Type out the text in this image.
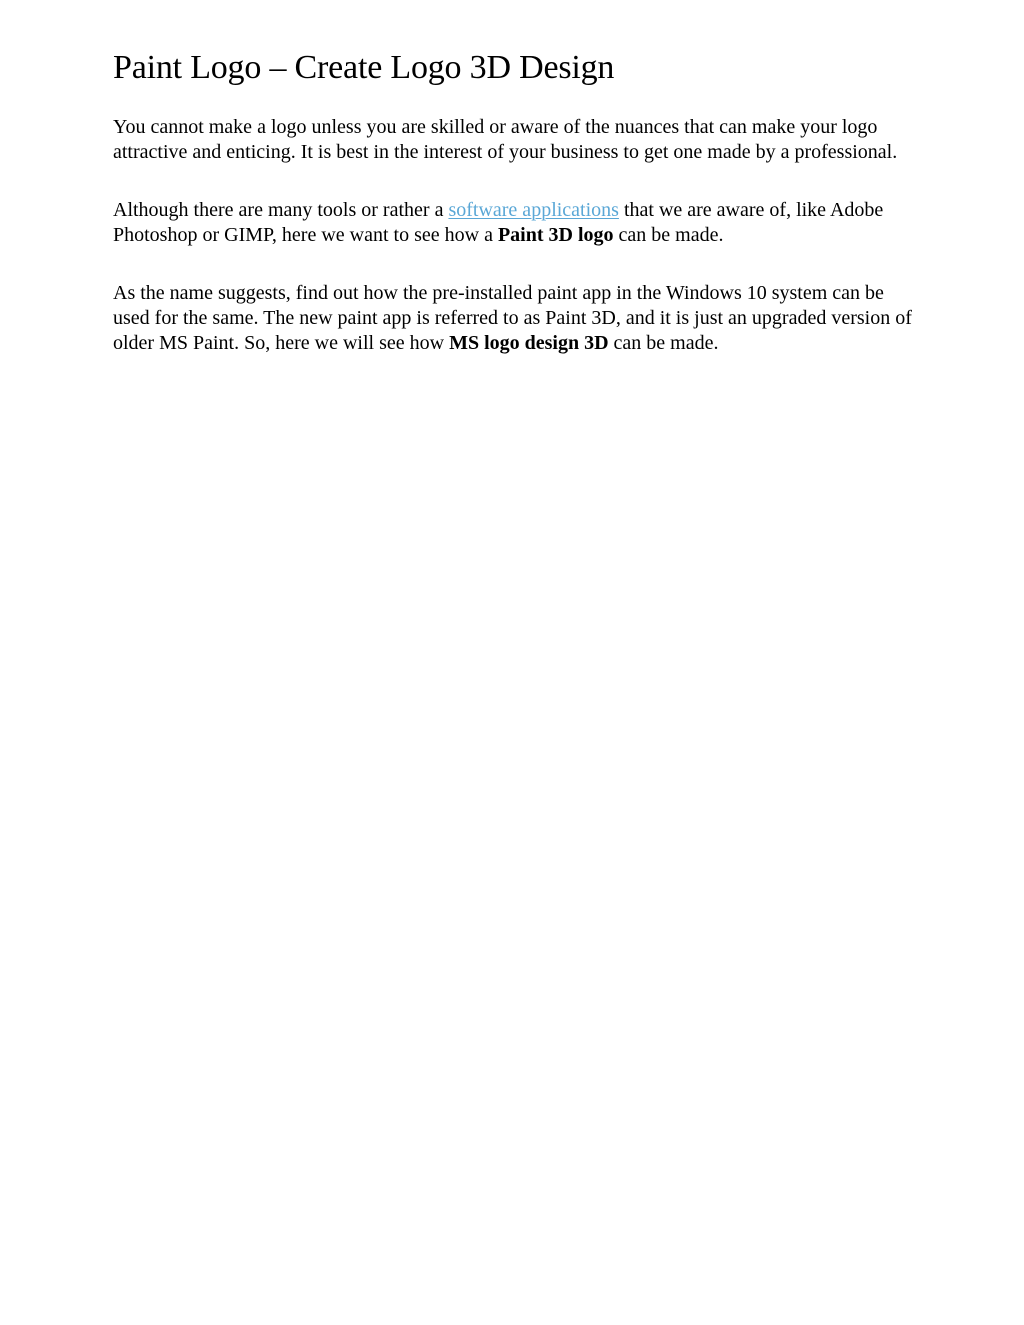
Paint Logo – Create Logo 3D Design

You cannot make a logo unless you are skilled or aware of the nuances that can make your logo attractive and enticing. It is best in the interest of your business to get one made by a professional.

Although there are many tools or rather a software applications that we are aware of, like Adobe Photoshop or GIMP, here we want to see how a Paint 3D logo can be made.

As the name suggests, find out how the pre-installed paint app in the Windows 10 system can be used for the same. The new paint app is referred to as Paint 3D, and it is just an upgraded version of older MS Paint. So, here we will see how MS logo design 3D can be made.
